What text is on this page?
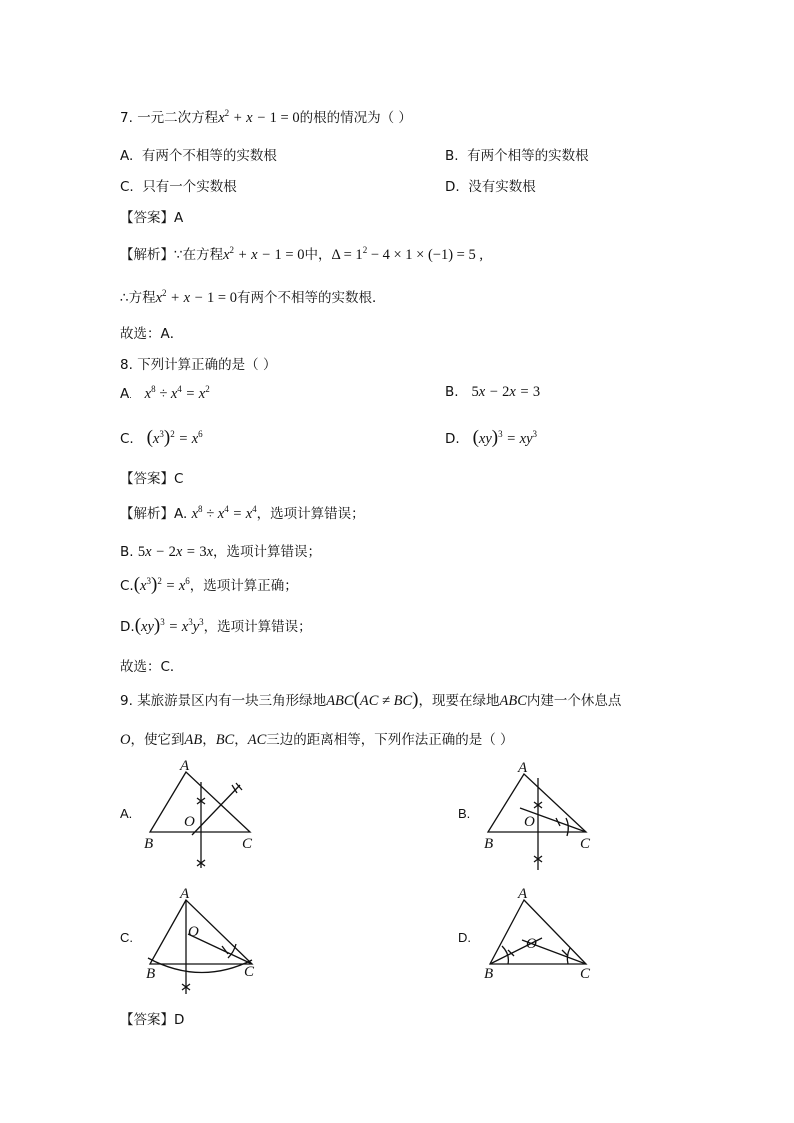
7. 一元二次方程$x^2 + x - 1 = 0$的根的情况为（ ）
A. 有两个不相等的实数根	B. 有两个相等的实数根
C. 只有一个实数根	D. 没有实数根
【答案】A
【解析】∵在方程$x^2 + x - 1 = 0$中，$\Delta = 1^2 - 4 \times 1 \times (-1) = 5$ ,
∴方程$x^2 + x - 1 = 0$有两个不相等的实数根．
故选：A．
8. 下列计算正确的是（ ）
A. $x^8 \div x^4 = x^2$	B. 5x − 2x = 3
C. $(x^3)^2 = x^6$	D. $(xy)^3 = xy^3$
【答案】C
【解析】A. $x^8 \div x^4 = x^4$，选项计算错误；
B. 5x − 2x = 3x，选项计算错误；
$C.(x^3)^2 = x^6$，选项计算正确；
$D.(xy)^3 = x^3y^3$，选项计算错误；
故选：C．
9. 某旅游景区内有一块三角形绿地ABC(AC ≠ BC)，现要在绿地ABC内建一个休息点
O，使它到AB，BC，AC三边的距离相等，下列作法正确的是（ ）
A.
A
O
B	C
B.
A
O
B	C
C.
A
O
B	C
D.
A
O
B	C
【答案】D
